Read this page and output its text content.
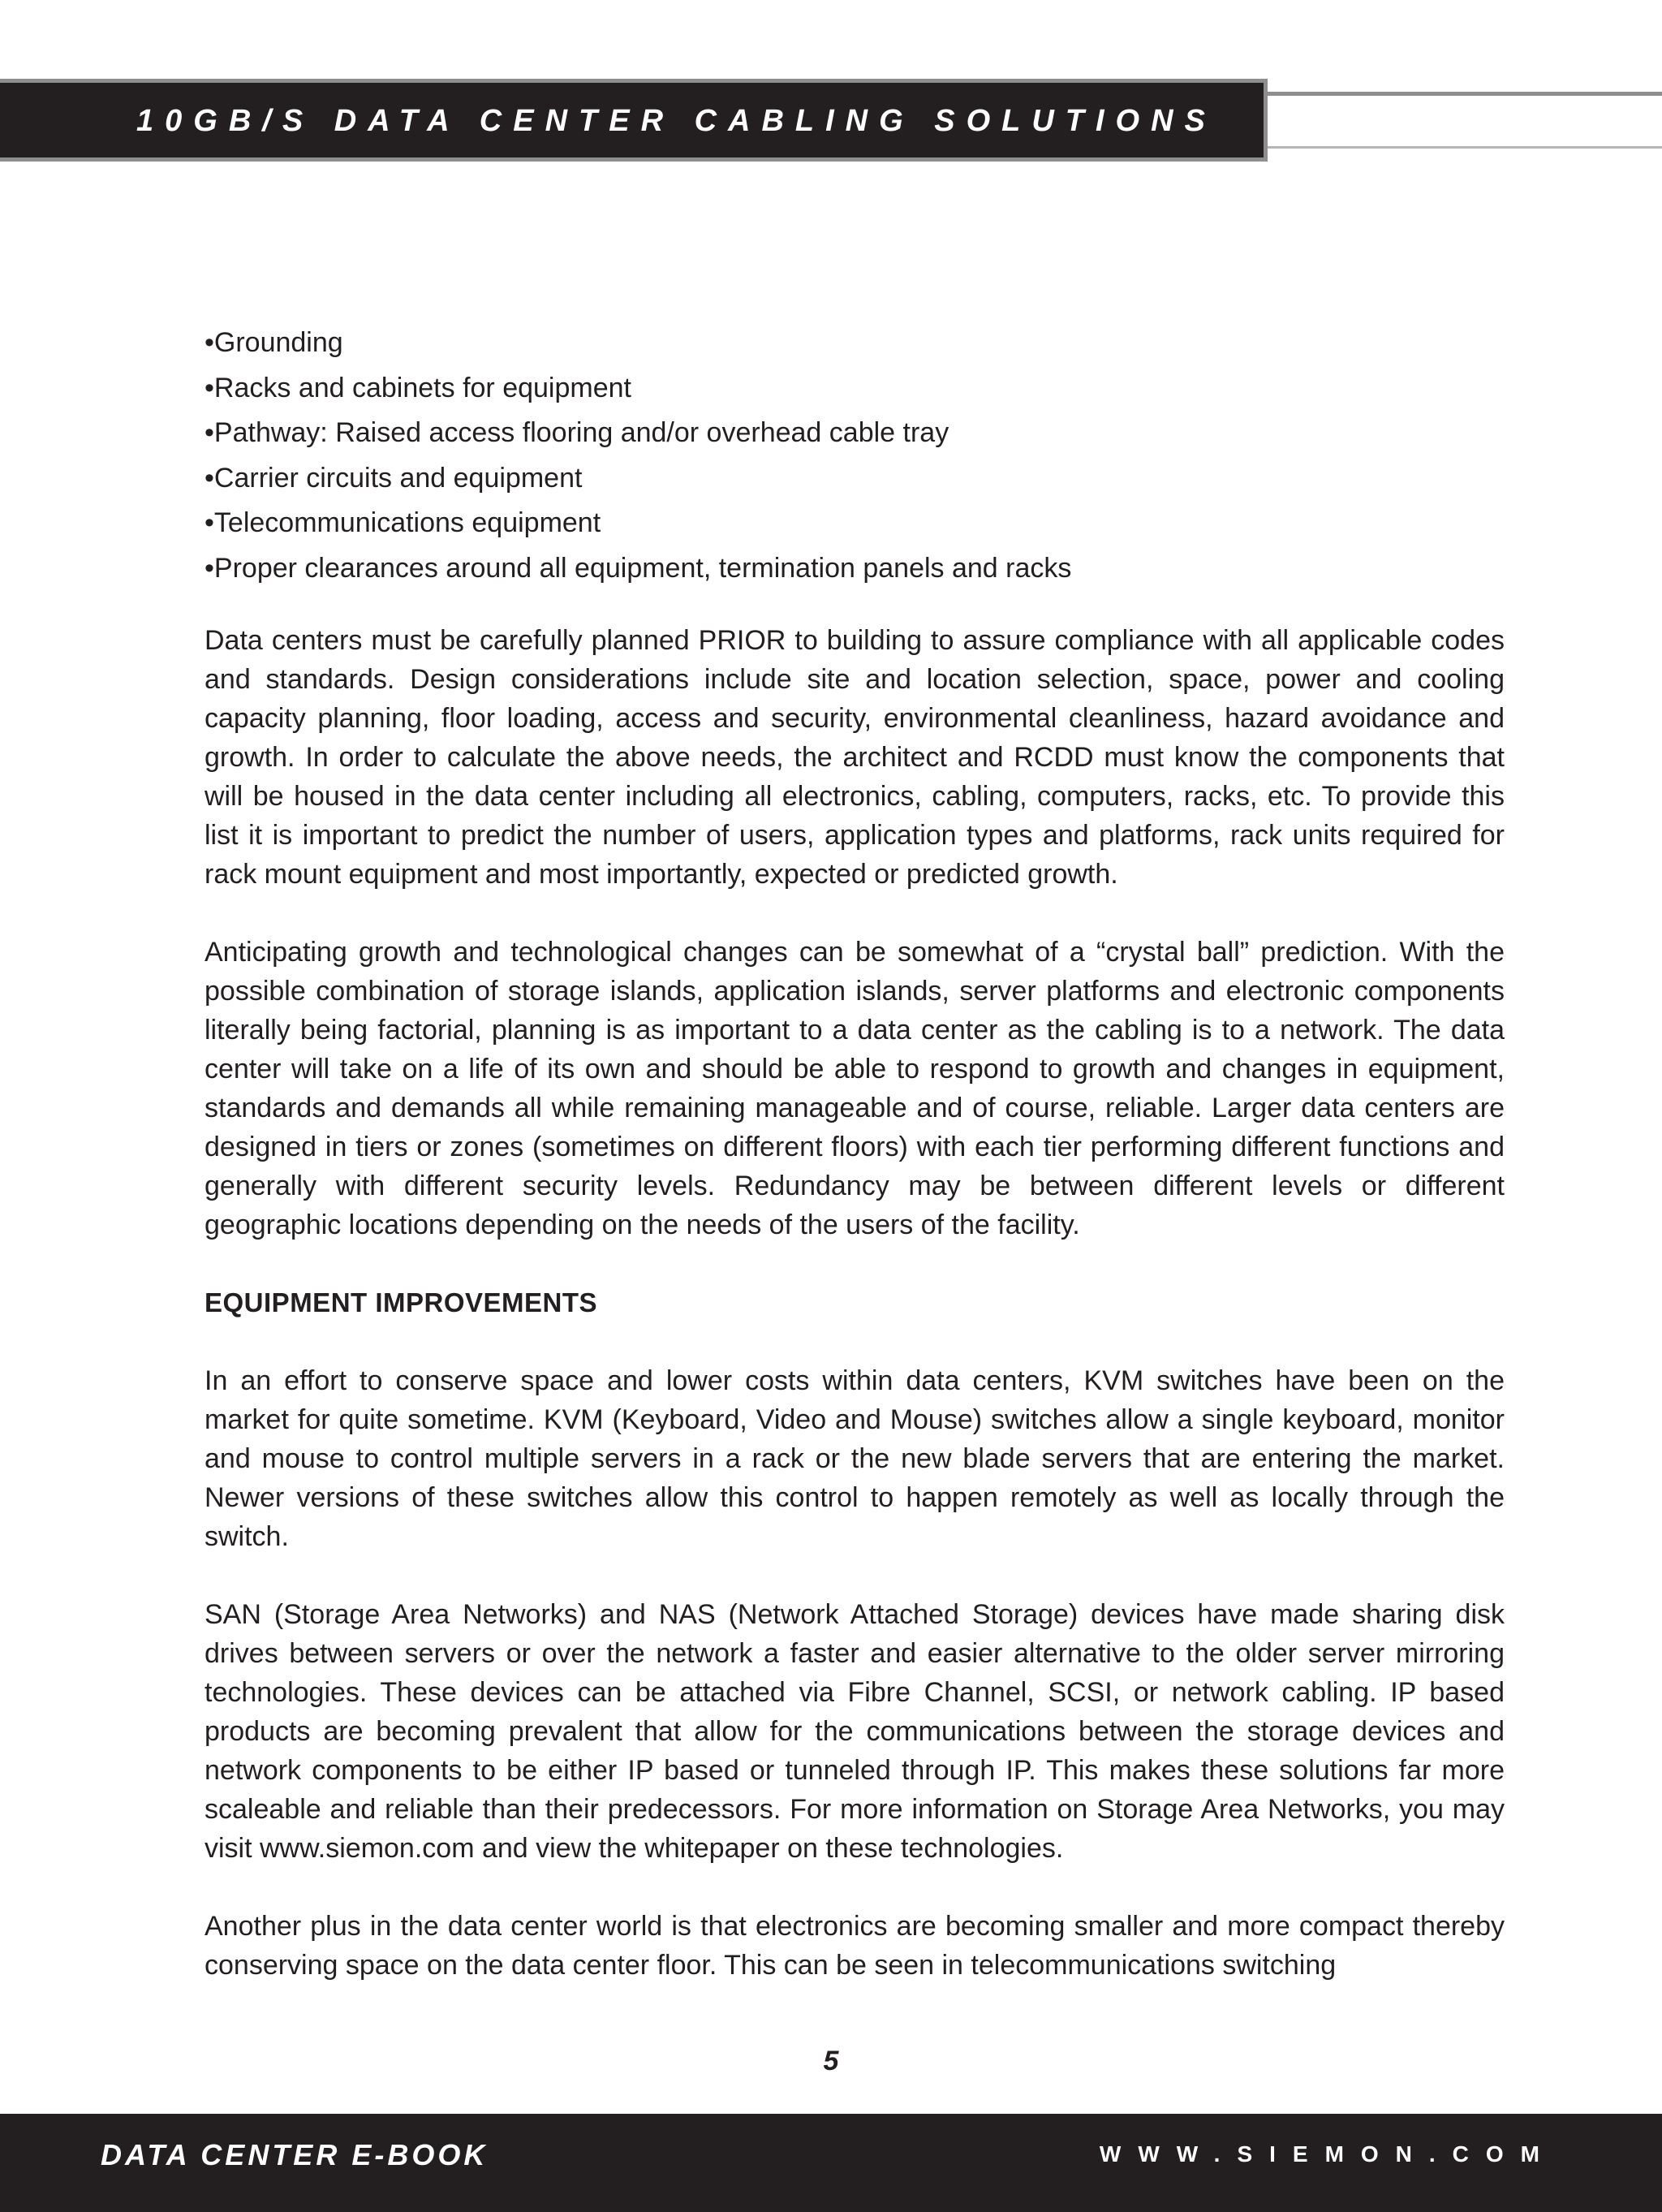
10GB/S DATA CENTER CABLING SOLUTIONS
• Grounding
• Racks and cabinets for equipment
• Pathway: Raised access flooring and/or overhead cable tray
• Carrier circuits and equipment
• Telecommunications equipment
• Proper clearances around all equipment, termination panels and racks

Data centers must be carefully planned PRIOR to building to assure compliance with all applicable codes and standards. Design considerations include site and location selection, space, power and cooling capacity planning, floor loading, access and security, environmental cleanliness, hazard avoidance and growth. In order to calculate the above needs, the architect and RCDD must know the components that will be housed in the data center including all electronics, cabling, computers, racks, etc. To provide this list it is important to predict the number of users, application types and platforms, rack units required for rack mount equipment and most importantly, expected or predicted growth.

Anticipating growth and technological changes can be somewhat of a “crystal ball” prediction. With the possible combination of storage islands, application islands, server platforms and electronic components literally being factorial, planning is as important to a data center as the cabling is to a network. The data center will take on a life of its own and should be able to respond to growth and changes in equipment, standards and demands all while remaining manageable and of course, reliable. Larger data centers are designed in tiers or zones (sometimes on different floors) with each tier performing different functions and generally with different security levels. Redundancy may be between different levels or different geographic locations depending on the needs of the users of the facility.

EQUIPMENT IMPROVEMENTS

In an effort to conserve space and lower costs within data centers, KVM switches have been on the market for quite sometime. KVM (Keyboard, Video and Mouse) switches allow a single keyboard, monitor and mouse to control multiple servers in a rack or the new blade servers that are entering the market. Newer versions of these switches allow this control to happen remotely as well as locally through the switch.

SAN (Storage Area Networks) and NAS (Network Attached Storage) devices have made sharing disk drives between servers or over the network a faster and easier alternative to the older server mirroring technologies. These devices can be attached via Fibre Channel, SCSI, or network cabling. IP based products are becoming prevalent that allow for the communications between the storage devices and network components to be either IP based or tunneled through IP. This makes these solutions far more scaleable and reliable than their predecessors. For more information on Storage Area Networks, you may visit www.siemon.com and view the whitepaper on these technologies.

Another plus in the data center world is that electronics are becoming smaller and more compact thereby conserving space on the data center floor. This can be seen in telecommunications switching

5
DATA CENTER E-BOOK	WWW.SIEMON.COM
